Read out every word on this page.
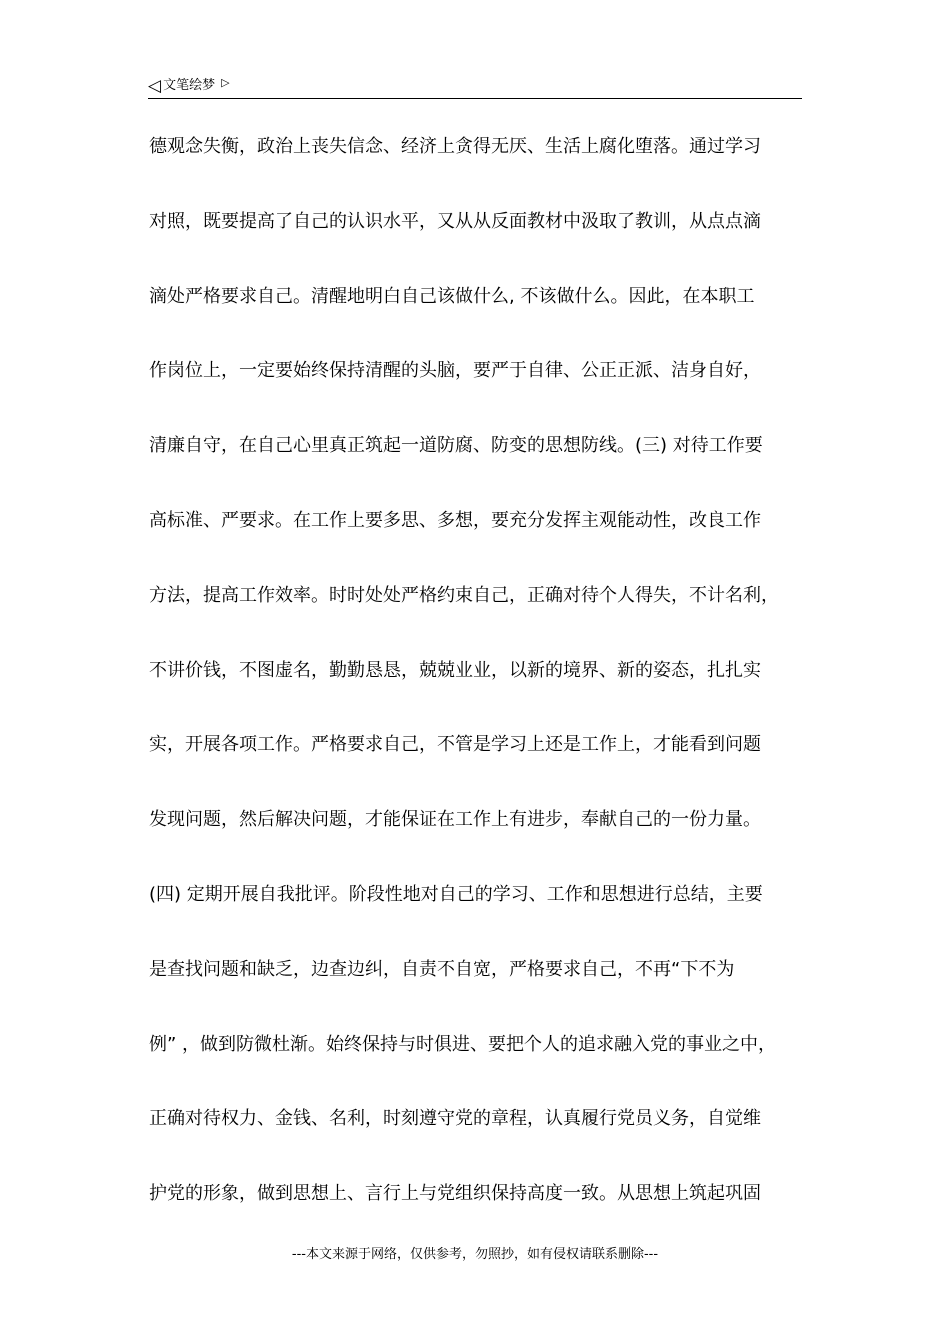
◁ 文笔绘梦 ▷
德观念失衡，政治上丧失信念、经济上贪得无厌、生活上腐化堕落。通过学习
对照，既要提高了自己的认识水平，又从从反面教材中汲取了教训，从点点滴
滴处严格要求自己。清醒地明白自己该做什么, 不该做什么。因此，在本职工
作岗位上，一定要始终保持清醒的头脑，要严于自律、公正正派、洁身自好，
清廉自守，在自己心里真正筑起一道防腐、防变的思想防线。(三) 对待工作要
高标准、严要求。在工作上要多思、多想，要充分发挥主观能动性，改良工作
方法，提高工作效率。时时处处严格约束自己，正确对待个人得失，不计名利，
不讲价钱，不图虚名，勤勤恳恳，兢兢业业，以新的境界、新的姿态，扎扎实
实，开展各项工作。严格要求自己，不管是学习上还是工作上，才能看到问题
发现问题，然后解决问题，才能保证在工作上有进步，奉献自己的一份力量。
(四) 定期开展自我批评。阶段性地对自己的学习、工作和思想进行总结，主要
是查找问题和缺乏，边查边纠，自责不自宽，严格要求自己，不再“下不为
例” ，做到防微杜渐。始终保持与时俱进、要把个人的追求融入党的事业之中，
正确对待权力、金钱、名利，时刻遵守党的章程，认真履行党员义务，自觉维
护党的形象，做到思想上、言行上与党组织保持高度一致。从思想上筑起巩固
---本文来源于网络，仅供参考，勿照抄，如有侵权请联系删除---
